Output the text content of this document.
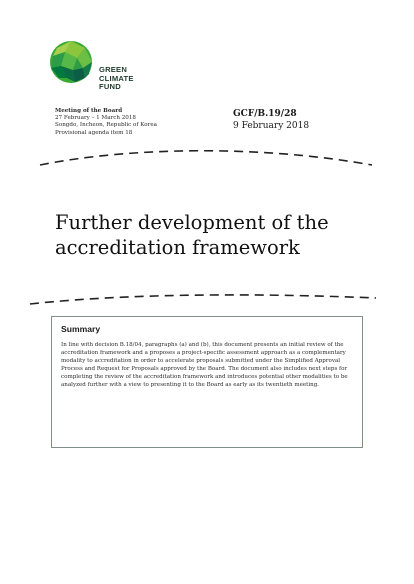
GREEN
CLIMATE
FUND
Meeting of the Board
27 February – 1 March 2018
Songdo, Incheon, Republic of Korea
Provisional agenda item 18
GCF/B.19/28
9 February 2018
Further development of the
accreditation framework
Summary

In line with decision B.18/04, paragraphs (a) and (b), this document presents an initial review of the accreditation framework and a proposes a project-specific assessment approach as a complementary modality to accreditation in order to accelerate proposals submitted under the Simplified Approval Process and Request for Proposals approved by the Board. The document also includes next steps for completing the review of the accreditation framework and introduces potential other modalities to be analyzed further with a view to presenting it to the Board as early as its twentieth meeting.
